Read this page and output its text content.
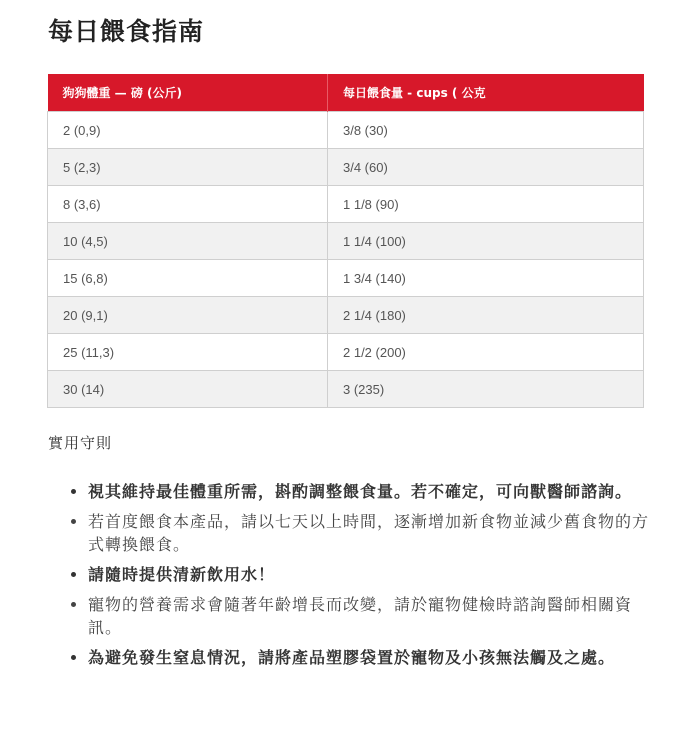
每日餵食指南
狗狗體重 — 磅 (公斤)	每日餵食量 - cups ( 公克
2 (0,9)	3/8 (30)
5 (2,3)	3/4 (60)
8 (3,6)	1 1/8 (90)
10 (4,5)	1 1/4 (100)
15 (6,8)	1 3/4 (140)
20 (9,1)	2 1/4 (180)
25 (11,3)	2 1/2 (200)
30 (14)	3 (235)
實用守則
• 視其維持最佳體重所需，斟酌調整餵食量。若不確定，可向獸醫師諮詢。
• 若首度餵食本產品，請以七天以上時間，逐漸增加新食物並減少舊食物的方式轉換餵食。
• 請隨時提供清新飲用水！
• 寵物的營養需求會隨著年齡增長而改變，請於寵物健檢時諮詢醫師相關資訊。
• 為避免發生窒息情況，請將產品塑膠袋置於寵物及小孩無法觸及之處。
